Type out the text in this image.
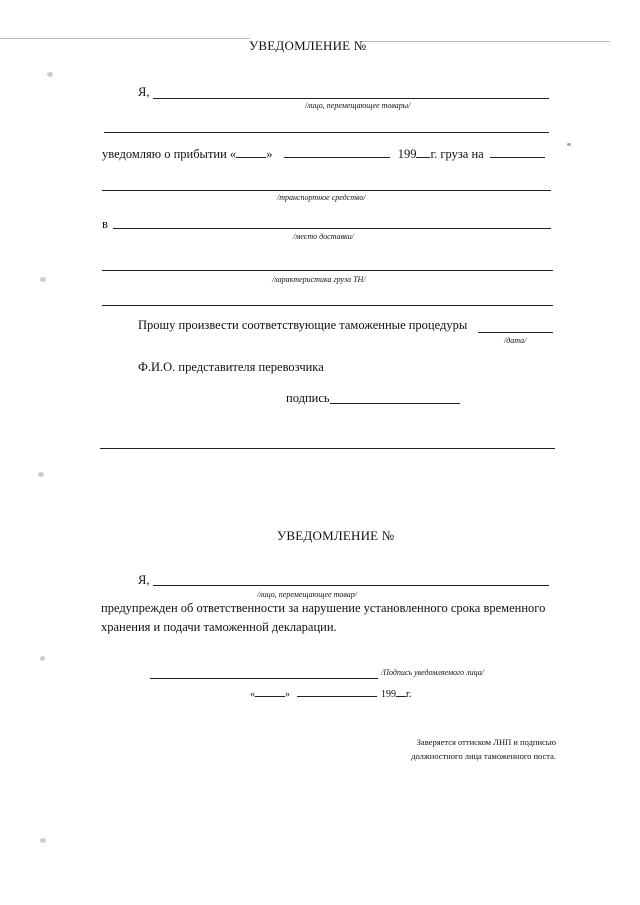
УВЕДОМЛЕНИЕ №
Я,
/лицо, перемещающее товары/
уведомляю о прибытии « »	199 г. груза на
/транспортное средство/
в
/место доставки/
/характеристика груза ТН/
Прошу произвести соответствующие таможенные процедуры
/дата/
Ф.И.О. представителя перевозчика
подпись
УВЕДОМЛЕНИЕ №
Я,
/лицо, перемещающее товар/
предупрежден об ответственности за нарушение установленного срока временного
хранения и подачи таможенной декларации.
/Подпись уведомляемого лица/
«	»	199 г.
Заверяется оттиском ЛНП и подписью
должностного лица таможенного поста.
